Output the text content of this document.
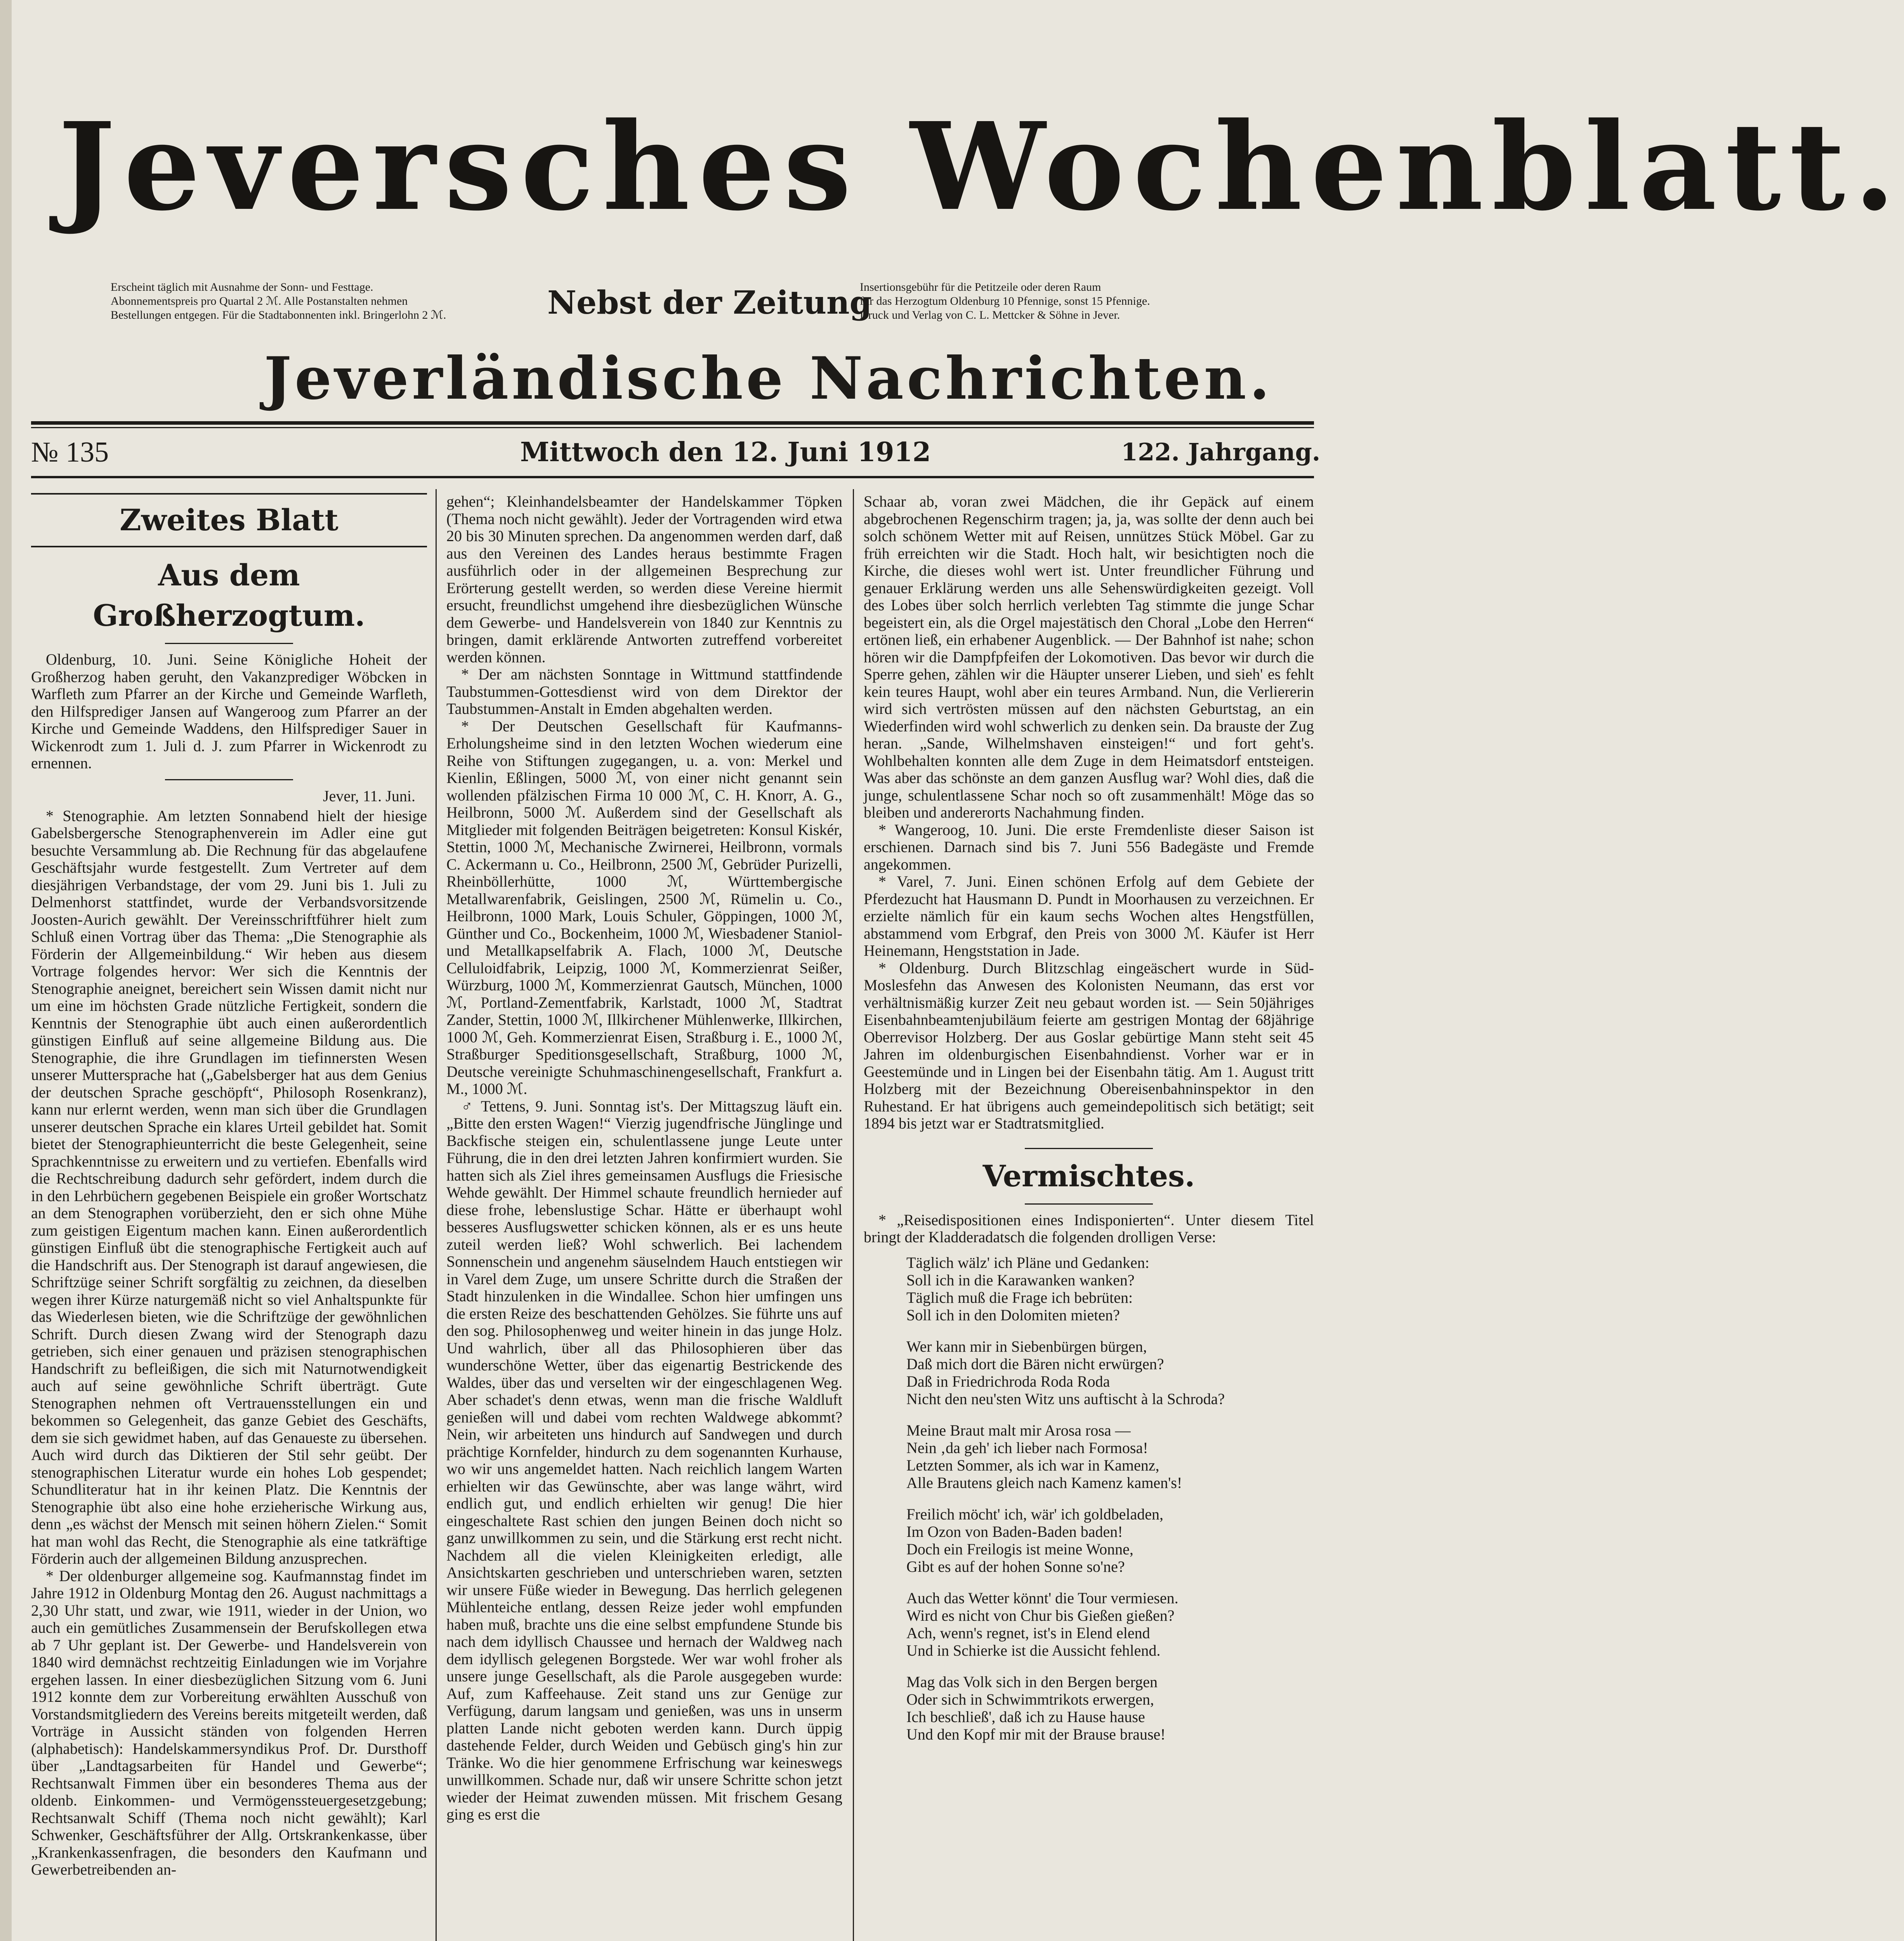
Jeversches Wochenblatt.
Erscheint täglich mit Ausnahme der Sonn- und Festtage.
Abonnementspreis pro Quartal 2 ℳ. Alle Postanstalten nehmen
Bestellungen entgegen. Für die Stadtabonnenten inkl. Bringerlohn 2 ℳ.	Nebst der Zeitung
Insertionsgebühr für die Petitzeile oder deren Raum
für das Herzogtum Oldenburg 10 Pfennige, sonst 15 Pfennige.
Druck und Verlag von C. L. Mettcker & Söhne in Jever.
Jeverländische Nachrichten.
№ 135	Mittwoch den 12. Juni 1912	122. Jahrgang.
Zweites Blatt
Aus dem Großherzogtum.

Oldenburg, 10. Juni. Seine Königliche Hoheit der Großherzog haben geruht, den Vakanzprediger Wöbcken in Warfleth zum Pfarrer an der Kirche und Gemeinde Warfleth, den Hilfsprediger Jansen auf Wangeroog zum Pfarrer an der Kirche und Gemeinde Waddens, den Hilfsprediger Sauer in Wickenrodt zum 1. Juli d. J. zum Pfarrer in Wickenrodt zu ernennen.

Jever, 11. Juni.

* Stenographie. Am letzten Sonnabend hielt der hiesige Gabelsbergersche Stenographenverein im Adler eine gut besuchte Versammlung ab. Die Rechnung für das abgelaufene Geschäftsjahr wurde festgestellt. Zum Vertreter auf dem diesjährigen Verbandstage, der vom 29. Juni bis 1. Juli zu Delmenhorst stattfindet, wurde der Verbandsvorsitzende Joosten-Aurich gewählt. Der Vereinsschriftführer hielt zum Schluß einen Vortrag über das Thema: „Die Stenographie als Förderin der Allgemeinbildung.“ Wir heben aus diesem Vortrage folgendes hervor: Wer sich die Kenntnis der Stenographie aneignet, bereichert sein Wissen damit nicht nur um eine im höchsten Grade nützliche Fertigkeit, sondern die Kenntnis der Stenographie übt auch einen außerordentlich günstigen Einfluß auf seine allgemeine Bildung aus. Die Stenographie, die ihre Grundlagen im tiefinnersten Wesen unserer Muttersprache hat („Gabelsberger hat aus dem Genius der deutschen Sprache geschöpft“, Philosoph Rosenkranz), kann nur erlernt werden, wenn man sich über die Grundlagen unserer deutschen Sprache ein klares Urteil gebildet hat. Somit bietet der Stenographieunterricht die beste Gelegenheit, seine Sprachkenntnisse zu erweitern und zu vertiefen. Ebenfalls wird die Rechtschreibung dadurch sehr gefördert, indem durch die in den Lehrbüchern gegebenen Beispiele ein großer Wortschatz an dem Stenographen vorüberzieht, den er sich ohne Mühe zum geistigen Eigentum machen kann. Einen außerordentlich günstigen Einfluß übt die stenographische Fertigkeit auch auf die Handschrift aus. Der Stenograph ist darauf angewiesen, die Schriftzüge seiner Schrift sorgfältig zu zeichnen, da dieselben wegen ihrer Kürze naturgemäß nicht so viel Anhaltspunkte für das Wiederlesen bieten, wie die Schriftzüge der gewöhnlichen Schrift. Durch diesen Zwang wird der Stenograph dazu getrieben, sich einer genauen und präzisen stenographischen Handschrift zu befleißigen, die sich mit Naturnotwendigkeit auch auf seine gewöhnliche Schrift überträgt. Gute Stenographen nehmen oft Vertrauensstellungen ein und bekommen so Gelegenheit, das ganze Gebiet des Geschäfts, dem sie sich gewidmet haben, auf das Genaueste zu übersehen. Auch wird durch das Diktieren der Stil sehr geübt. Der stenographischen Literatur wurde ein hohes Lob gespendet; Schundliteratur hat in ihr keinen Platz. Die Kenntnis der Stenographie übt also eine hohe erzieherische Wirkung aus, denn „es wächst der Mensch mit seinen höhern Zielen.“ Somit hat man wohl das Recht, die Stenographie als eine tatkräftige Förderin auch der allgemeinen Bildung anzusprechen.

* Der oldenburger allgemeine sog. Kaufmannstag findet im Jahre 1912 in Oldenburg Montag den 26. August nachmittags a 2,30 Uhr statt, und zwar, wie 1911, wieder in der Union, wo auch ein gemütliches Zusammensein der Berufskollegen etwa ab 7 Uhr geplant ist. Der Gewerbe- und Handelsverein von 1840 wird demnächst rechtzeitig Einladungen wie im Vorjahre ergehen lassen. In einer diesbezüglichen Sitzung vom 6. Juni 1912 konnte dem zur Vorbereitung erwählten Ausschuß von Vorstandsmitgliedern des Vereins bereits mitgeteilt werden, daß Vorträge in Aussicht ständen von folgenden Herren (alphabetisch): Handelskammersyndikus Prof. Dr. Dursthoff über „Landtagsarbeiten für Handel und Gewerbe“; Rechtsanwalt Fimmen über ein besonderes Thema aus der oldenb. Einkommen- und Vermögenssteuergesetzgebung; Rechtsanwalt Schiff (Thema noch nicht gewählt); Karl Schwenker, Geschäftsführer der Allg. Ortskrankenkasse, über „Krankenkassenfragen, die besonders den Kaufmann und Gewerbetreibenden an-

gehen“; Kleinhandelsbeamter der Handelskammer Töpken (Thema noch nicht gewählt). Jeder der Vortragenden wird etwa 20 bis 30 Minuten sprechen. Da angenommen werden darf, daß aus den Vereinen des Landes heraus bestimmte Fragen ausführlich oder in der allgemeinen Besprechung zur Erörterung gestellt werden, so werden diese Vereine hiermit ersucht, freundlichst umgehend ihre diesbezüglichen Wünsche dem Gewerbe- und Handelsverein von 1840 zur Kenntnis zu bringen, damit erklärende Antworten zutreffend vorbereitet werden können.

* Der am nächsten Sonntage in Wittmund stattfindende Taubstummen-Gottesdienst wird von dem Direktor der Taubstummen-Anstalt in Emden abgehalten werden.

* Der Deutschen Gesellschaft für Kaufmanns-Erholungsheime sind in den letzten Wochen wiederum eine Reihe von Stiftungen zugegangen, u. a. von: Merkel und Kienlin, Eßlingen, 5000 ℳ, von einer nicht genannt sein wollenden pfälzischen Firma 10 000 ℳ, C. H. Knorr, A. G., Heilbronn, 5000 ℳ. Außerdem sind der Gesellschaft als Mitglieder mit folgenden Beiträgen beigetreten: Konsul Kiskér, Stettin, 1000 ℳ, Mechanische Zwirnerei, Heilbronn, vormals C. Ackermann u. Co., Heilbronn, 2500 ℳ, Gebrüder Purizelli, Rheinböllerhütte, 1000 ℳ, Württembergische Metallwarenfabrik, Geislingen, 2500 ℳ, Rümelin u. Co., Heilbronn, 1000 Mark, Louis Schuler, Göppingen, 1000 ℳ, Günther und Co., Bockenheim, 1000 ℳ, Wiesbadener Staniol- und Metallkapselfabrik A. Flach, 1000 ℳ, Deutsche Celluloidfabrik, Leipzig, 1000 ℳ, Kommerzienrat Seißer, Würzburg, 1000 ℳ, Kommerzienrat Gautsch, München, 1000 ℳ, Portland-Zementfabrik, Karlstadt, 1000 ℳ, Stadtrat Zander, Stettin, 1000 ℳ, Illkirchener Mühlenwerke, Illkirchen, 1000 ℳ, Geh. Kommerzienrat Eisen, Straßburg i. E., 1000 ℳ, Straßburger Speditionsgesellschaft, Straßburg, 1000 ℳ, Deutsche vereinigte Schuhmaschinengesellschaft, Frankfurt a. M., 1000 ℳ.

♂ Tettens, 9. Juni. Sonntag ist's. Der Mittagszug läuft ein. „Bitte den ersten Wagen!“ Vierzig jugendfrische Jünglinge und Backfische steigen ein, schulentlassene junge Leute unter Führung, die in den drei letzten Jahren konfirmiert wurden. Sie hatten sich als Ziel ihres gemeinsamen Ausflugs die Friesische Wehde gewählt. Der Himmel schaute freundlich hernieder auf diese frohe, lebenslustige Schar. Hätte er überhaupt wohl besseres Ausflugswetter schicken können, als er es uns heute zuteil werden ließ? Wohl schwerlich. Bei lachendem Sonnenschein und angenehm säuselndem Hauch entstiegen wir in Varel dem Zuge, um unsere Schritte durch die Straßen der Stadt hinzulenken in die Windallee. Schon hier umfingen uns die ersten Reize des beschattenden Gehölzes. Sie führte uns auf den sog. Philosophenweg und weiter hinein in das junge Holz. Und wahrlich, über all das Philosophieren über das wunderschöne Wetter, über das eigenartig Bestrickende des Waldes, über das und verselten wir der eingeschlagenen Weg. Aber schadet's denn etwas, wenn man die frische Waldluft genießen will und dabei vom rechten Waldwege abkommt? Nein, wir arbeiteten uns hindurch auf Sandwegen und durch prächtige Kornfelder, hindurch zu dem sogenannten Kurhause, wo wir uns angemeldet hatten. Nach reichlich langem Warten erhielten wir das Gewünschte, aber was lange währt, wird endlich gut, und endlich erhielten wir genug! Die hier eingeschaltete Rast schien den jungen Beinen doch nicht so ganz unwillkommen zu sein, und die Stärkung erst recht nicht. Nachdem all die vielen Kleinigkeiten erledigt, alle Ansichtskarten geschrieben und unterschrieben waren, setzten wir unsere Füße wieder in Bewegung. Das herrlich gelegenen Mühlenteiche entlang, dessen Reize jeder wohl empfunden haben muß, brachte uns die eine selbst empfundene Stunde bis nach dem idyllisch Chaussee und hernach der Waldweg nach dem idyllisch gelegenen Borgstede. Wer war wohl froher als unsere junge Gesellschaft, als die Parole ausgegeben wurde: Auf, zum Kaffeehause. Zeit stand uns zur Genüge zur Verfügung, darum langsam und genießen, was uns in unserm platten Lande nicht geboten werden kann. Durch üppig dastehende Felder, durch Weiden und Gebüsch ging's hin zur Tränke. Wo die hier genommene Erfrischung war keineswegs unwillkommen. Schade nur, daß wir unsere Schritte schon jetzt wieder der Heimat zuwenden müssen. Mit frischem Gesang ging es erst die

Schaar ab, voran zwei Mädchen, die ihr Gepäck auf einem abgebrochenen Regenschirm tragen; ja, ja, was sollte der denn auch bei solch schönem Wetter mit auf Reisen, unnützes Stück Möbel. Gar zu früh erreichten wir die Stadt. Hoch halt, wir besichtigten noch die Kirche, die dieses wohl wert ist. Unter freundlicher Führung und genauer Erklärung werden uns alle Sehenswürdigkeiten gezeigt. Voll des Lobes über solch herrlich verlebten Tag stimmte die junge Schar begeistert ein, als die Orgel majestätisch den Choral „Lobe den Herren“ ertönen ließ, ein erhabener Augenblick. — Der Bahnhof ist nahe; schon hören wir die Dampfpfeifen der Lokomotiven. Das bevor wir durch die Sperre gehen, zählen wir die Häupter unserer Lieben, und sieh' es fehlt kein teures Haupt, wohl aber ein teures Armband. Nun, die Verliererin wird sich vertrösten müssen auf den nächsten Geburtstag, an ein Wiederfinden wird wohl schwerlich zu denken sein. Da brauste der Zug heran. „Sande, Wilhelmshaven einsteigen!“ und fort geht's. Wohlbehalten konnten alle dem Zuge in dem Heimatsdorf entsteigen. Was aber das schönste an dem ganzen Ausflug war? Wohl dies, daß die junge, schulentlassene Schar noch so oft zusammenhält! Möge das so bleiben und andererorts Nachahmung finden.

* Wangeroog, 10. Juni. Die erste Fremdenliste dieser Saison ist erschienen. Darnach sind bis 7. Juni 556 Badegäste und Fremde angekommen.

* Varel, 7. Juni. Einen schönen Erfolg auf dem Gebiete der Pferdezucht hat Hausmann D. Pundt in Moorhausen zu verzeichnen. Er erzielte nämlich für ein kaum sechs Wochen altes Hengstfüllen, abstammend vom Erbgraf, den Preis von 3000 ℳ. Käufer ist Herr Heinemann, Hengststation in Jade.

* Oldenburg. Durch Blitzschlag eingeäschert wurde in Süd-Moslesfehn das Anwesen des Kolonisten Neumann, das erst vor verhältnismäßig kurzer Zeit neu gebaut worden ist. — Sein 50jähriges Eisenbahnbeamtenjubiläum feierte am gestrigen Montag der 68jährige Oberrevisor Holzberg. Der aus Goslar gebürtige Mann steht seit 45 Jahren im oldenburgischen Eisenbahndienst. Vorher war er in Geestemünde und in Lingen bei der Eisenbahn tätig. Am 1. August tritt Holzberg mit der Bezeichnung Obereisenbahninspektor in den Ruhestand. Er hat übrigens auch gemeindepolitisch sich betätigt; seit 1894 bis jetzt war er Stadtratsmitglied.

Vermischtes.

* „Reisedispositionen eines Indisponierten“. Unter diesem Titel bringt der Kladderadatsch die folgenden drolligen Verse:

Täglich wälz' ich Pläne und Gedanken:
Soll ich in die Karawanken wanken?
Täglich muß die Frage ich bebrüten:
Soll ich in den Dolomiten mieten?
Wer kann mir in Siebenbürgen bürgen,
Daß mich dort die Bären nicht erwürgen?
Daß in Friedrichroda Roda Roda
Nicht den neu'sten Witz uns auftischt à la Schroda?
Meine Braut malt mir Arosa rosa —
Nein ‚da geh' ich lieber nach Formosa!
Letzten Sommer, als ich war in Kamenz,
Alle Brautens gleich nach Kamenz kamen's!
Freilich möcht' ich, wär' ich goldbeladen,
Im Ozon von Baden-Baden baden!
Doch ein Freilogis ist meine Wonne,
Gibt es auf der hohen Sonne so'ne?
Auch das Wetter könnt' die Tour vermiesen.
Wird es nicht von Chur bis Gießen gießen?
Ach, wenn's regnet, ist's in Elend elend
Und in Schierke ist die Aussicht fehlend.
Mag das Volk sich in den Bergen bergen
Oder sich in Schwimmtrikots erwergen,
Ich beschließ', daß ich zu Hause hause
Und den Kopf mir mit der Brause brause!
